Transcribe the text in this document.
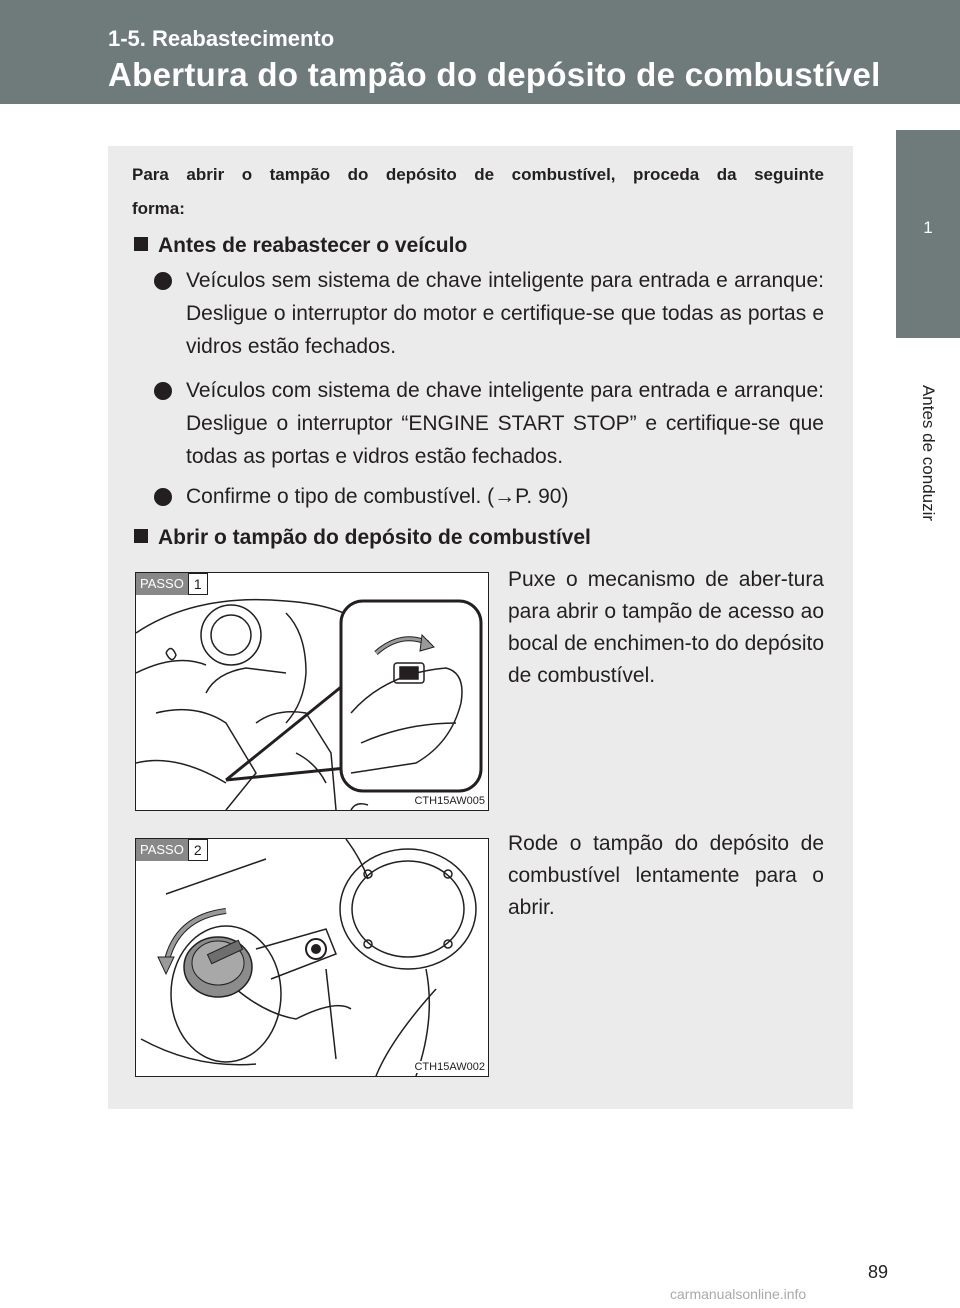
1-5. Reabastecimento
Abertura do tampão do depósito de combustível
1
Antes de conduzir
Para abrir o tampão do depósito de combustível, proceda da seguinte forma:
Antes de reabastecer o veículo
Veículos sem sistema de chave inteligente para entrada e arranque: Desligue o interruptor do motor e certifique-se que todas as portas e vidros estão fechados.
Veículos com sistema de chave inteligente para entrada e arranque: Desligue o interruptor “ENGINE START STOP” e certifique-se que todas as portas e vidros estão fechados.
Confirme o tipo de combustível. (→P. 90)
Abrir o tampão do depósito de combustível
PASSO 1
CTH15AW005
Puxe o mecanismo de aber-tura para abrir o tampão de acesso ao bocal de enchimen-to do depósito de combustível.
PASSO 2
CTH15AW002
Rode o tampão do depósito de combustível lentamente para o abrir.
89
carmanualsonline.info
